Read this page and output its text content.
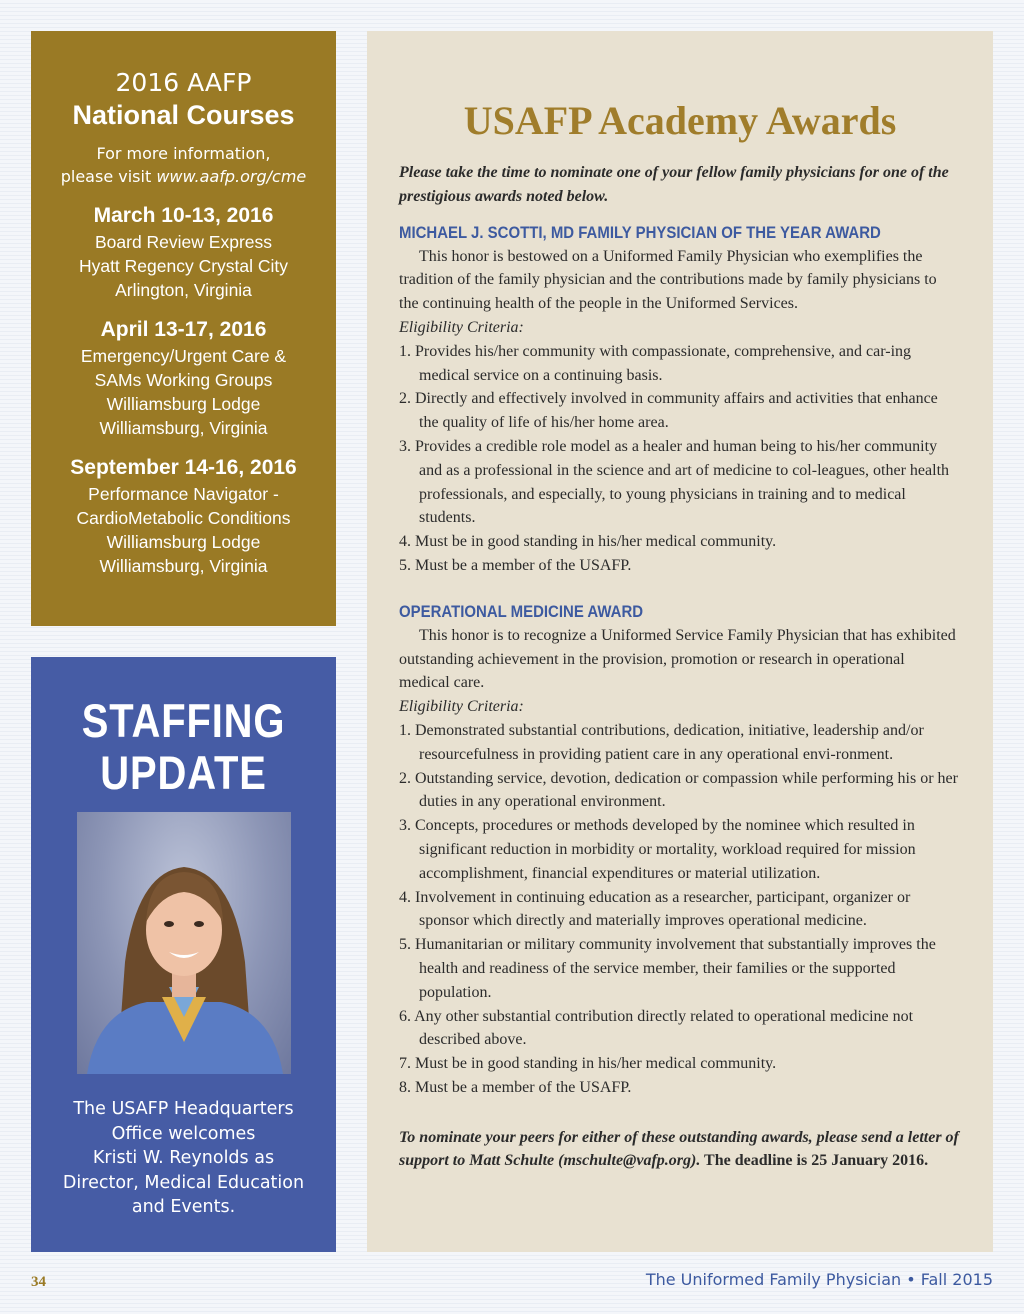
2016 AAFP
National Courses
For more information,
please visit www.aafp.org/cme
March 10-13, 2016
Board Review Express
Hyatt Regency Crystal City
Arlington, Virginia
April 13-17, 2016
Emergency/Urgent Care &
SAMs Working Groups
Williamsburg Lodge
Williamsburg, Virginia
September 14-16, 2016
Performance Navigator -
CardioMetabolic Conditions
Williamsburg Lodge
Williamsburg, Virginia
STAFFING
UPDATE
The USAFP Headquarters
Office welcomes
Kristi W. Reynolds as
Director, Medical Education
and Events.
USAFP Academy Awards
Please take the time to nominate one of your fellow family physicians for one of the prestigious awards noted below.
MICHAEL J. SCOTTI, MD FAMILY PHYSICIAN OF THE YEAR AWARD

This honor is bestowed on a Uniformed Family Physician who exemplifies the tradition of the family physician and the contributions made by family physicians to the continuing health of the people in the Uniformed Services.

Eligibility Criteria:
1. Provides his/her community with compassionate, comprehensive, and car-ing medical service on a continuing basis.
2. Directly and effectively involved in community affairs and activities that enhance the quality of life of his/her home area.
3. Provides a credible role model as a healer and human being to his/her community and as a professional in the science and art of medicine to col-leagues, other health professionals, and especially, to young physicians in training and to medical students.
4. Must be in good standing in his/her medical community.
5. Must be a member of the USAFP.
OPERATIONAL MEDICINE AWARD

This honor is to recognize a Uniformed Service Family Physician that has exhibited outstanding achievement in the provision, promotion or research in operational medical care.

Eligibility Criteria:
1. Demonstrated substantial contributions, dedication, initiative, leadership and/or resourcefulness in providing patient care in any operational envi-ronment.
2. Outstanding service, devotion, dedication or compassion while performing his or her duties in any operational environment.
3. Concepts, procedures or methods developed by the nominee which resulted in significant reduction in morbidity or mortality, workload required for mission accomplishment, financial expenditures or material utilization.
4. Involvement in continuing education as a researcher, participant, organizer or sponsor which directly and materially improves operational medicine.
5. Humanitarian or military community involvement that substantially improves the health and readiness of the service member, their families or the supported population.
6. Any other substantial contribution directly related to operational medicine not described above.
7. Must be in good standing in his/her medical community.
8. Must be a member of the USAFP.
To nominate your peers for either of these outstanding awards, please send a letter of support to Matt Schulte (mschulte@vafp.org). The deadline is 25 January 2016.
34	The Uniformed Family Physician • Fall 2015
